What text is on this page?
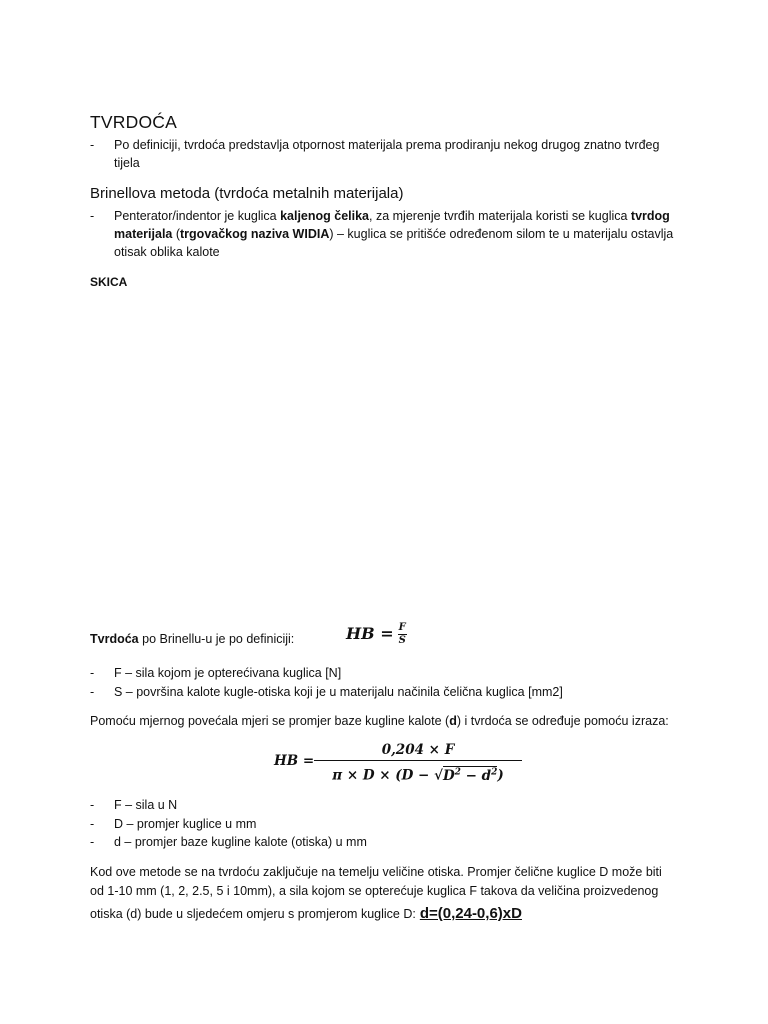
TVRDOĆA
-	Po definiciji, tvrdoća predstavlja otpornost materijala prema prodiranju nekog drugog znatno tvrđeg tijela
Brinellova metoda (tvrdoća metalnih materijala)
-	Penterator/indentor je kuglica kaljenog čelika, za mjerenje tvrđih materijala koristi se kuglica tvrdog materijala (trgovačkog naziva WIDIA) – kuglica se pritišće određenom silom te u materijalu ostavlja otisak oblika kalote
SKICA
Tvrdoća po Brinellu-u je po definiciji:	HB = $\frac{F}{S}$
-	F – sila kojom je opterećivana kuglica [N]
-	S – površina kalote kugle-otiska koji je u materijalu načinila čelična kuglica [mm2]
Pomoću mjernog povećala mjeri se promjer baze kugline kalote (d) i tvrdoća se određuje pomoću izraza:
HB = $\frac{0,204 \times F}{\pi \times D \times (D - √D^2 - d^2)}$
-	F – sila u N
-	D – promjer kuglice u mm
-	d – promjer baze kugline kalote (otiska) u mm
Kod ove metode se na tvrdoću zaključuje na temelju veličine otiska. Promjer čelične kuglice D može biti
od 1-10 mm (1, 2, 2.5, 5 i 10mm), a sila kojom se opterećuje kuglica F takova da veličina proizvedenog
otiska (d) bude u sljedećem omjeru s promjerom kuglice D: d=(0,24-0,6)xD
